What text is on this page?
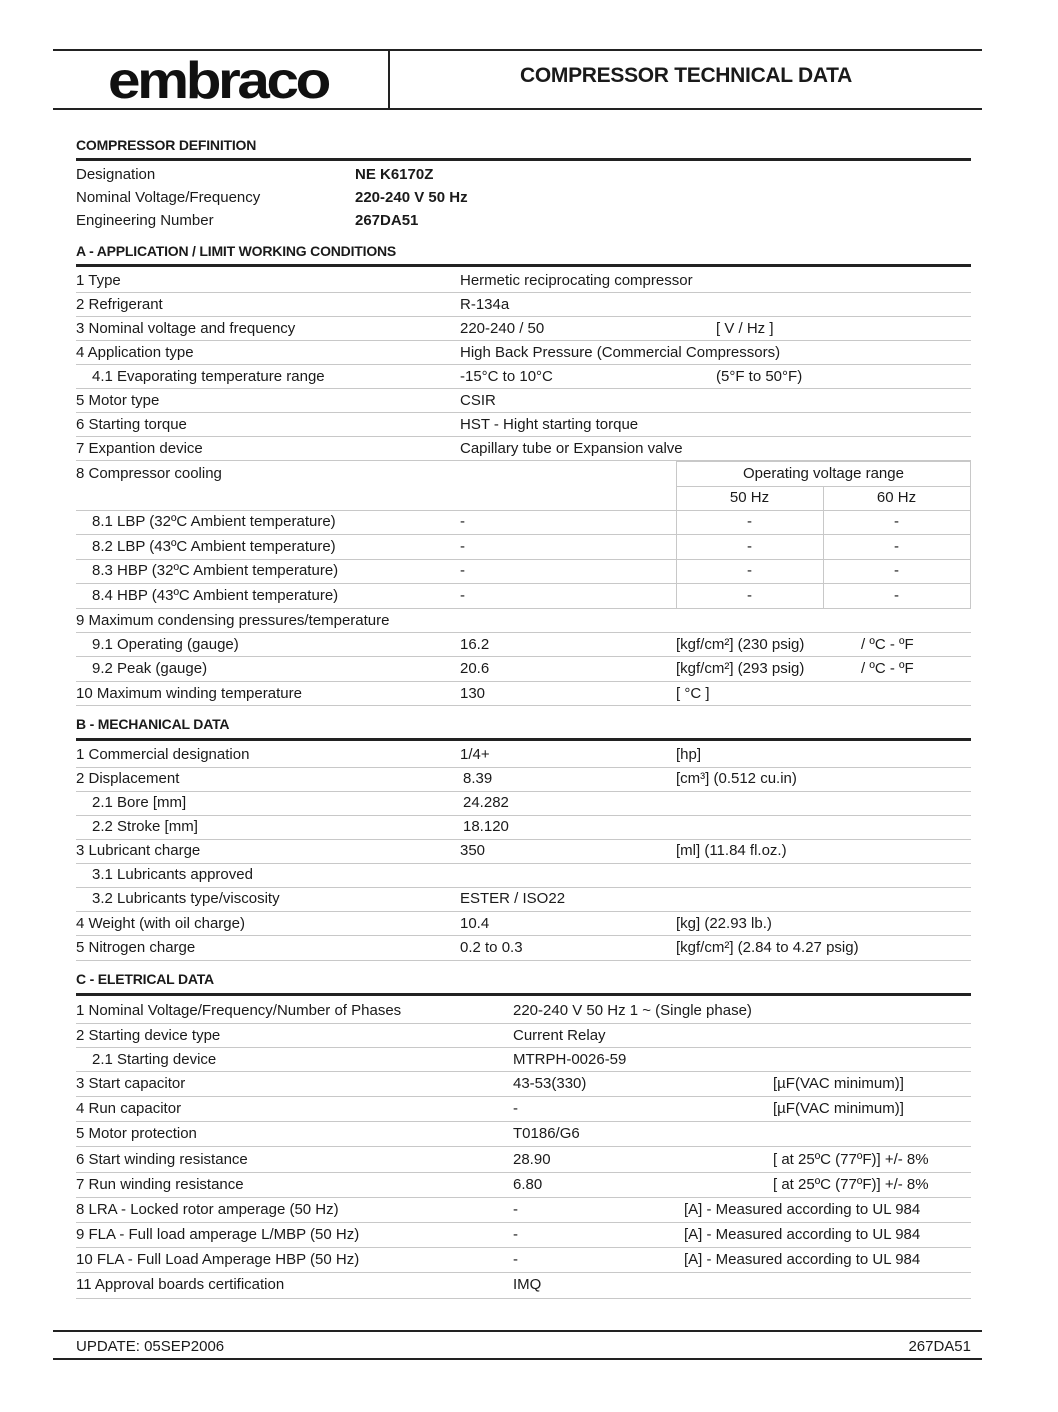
embraco	COMPRESSOR TECHNICAL DATA
COMPRESSOR DEFINITION
Designation	NE K6170Z
Nominal Voltage/Frequency	220-240 V 50 Hz
Engineering Number	267DA51
A - APPLICATION / LIMIT WORKING CONDITIONS
1 Type	Hermetic reciprocating compressor
2 Refrigerant	R-134a
3 Nominal voltage and frequency	220-240 / 50	[ V / Hz ]
4 Application type	High Back Pressure (Commercial Compressors)
4.1 Evaporating temperature range	-15°C to 10°C	(5°F to 50°F)
5 Motor type	CSIR
6 Starting torque	HST - Hight starting torque
7 Expantion device	Capillary tube or Expansion valve
8 Compressor cooling	Operating voltage range
50 Hz	60 Hz
8.1 LBP (32ºC Ambient temperature)	-	-	-
8.2 LBP (43ºC Ambient temperature)	-	-	-
8.3 HBP (32ºC Ambient temperature)	-	-	-
8.4 HBP (43ºC Ambient temperature)	-	-	-
9 Maximum condensing pressures/temperature
9.1 Operating (gauge)	16.2	[kgf/cm²] (230 psig)	/ ºC - ºF
9.2 Peak (gauge)	20.6	[kgf/cm²] (293 psig)	/ ºC - ºF
10 Maximum winding temperature	130	[ °C ]
B - MECHANICAL DATA
1 Commercial designation	1/4+	[hp]
2 Displacement	8.39	[cm³] (0.512 cu.in)
2.1 Bore [mm]	24.282
2.2 Stroke [mm]	18.120
3 Lubricant charge	350	[ml] (11.84 fl.oz.)
3.1 Lubricants approved
3.2 Lubricants type/viscosity	ESTER / ISO22
4 Weight (with oil charge)	10.4	[kg] (22.93 lb.)
5 Nitrogen charge	0.2 to 0.3	[kgf/cm²] (2.84 to 4.27 psig)
C - ELETRICAL DATA
1 Nominal Voltage/Frequency/Number of Phases	220-240 V 50 Hz 1 ~ (Single phase)
2 Starting device type	Current Relay
2.1 Starting device	MTRPH-0026-59
3 Start capacitor	43-53(330)	[µF(VAC minimum)]
4 Run capacitor	-	[µF(VAC minimum)]
5 Motor protection	T0186/G6
6 Start winding resistance	28.90	[ at 25ºC (77ºF)] +/- 8%
7 Run winding resistance	6.80	[ at 25ºC (77ºF)] +/- 8%
8 LRA - Locked rotor amperage (50 Hz)	-	[A] - Measured according to UL 984
9 FLA - Full load amperage L/MBP (50 Hz)	-	[A] - Measured according to UL 984
10 FLA - Full Load Amperage HBP (50 Hz)	-	[A] - Measured according to UL 984
11 Approval boards certification	IMQ
UPDATE: 05SEP2006	267DA51
